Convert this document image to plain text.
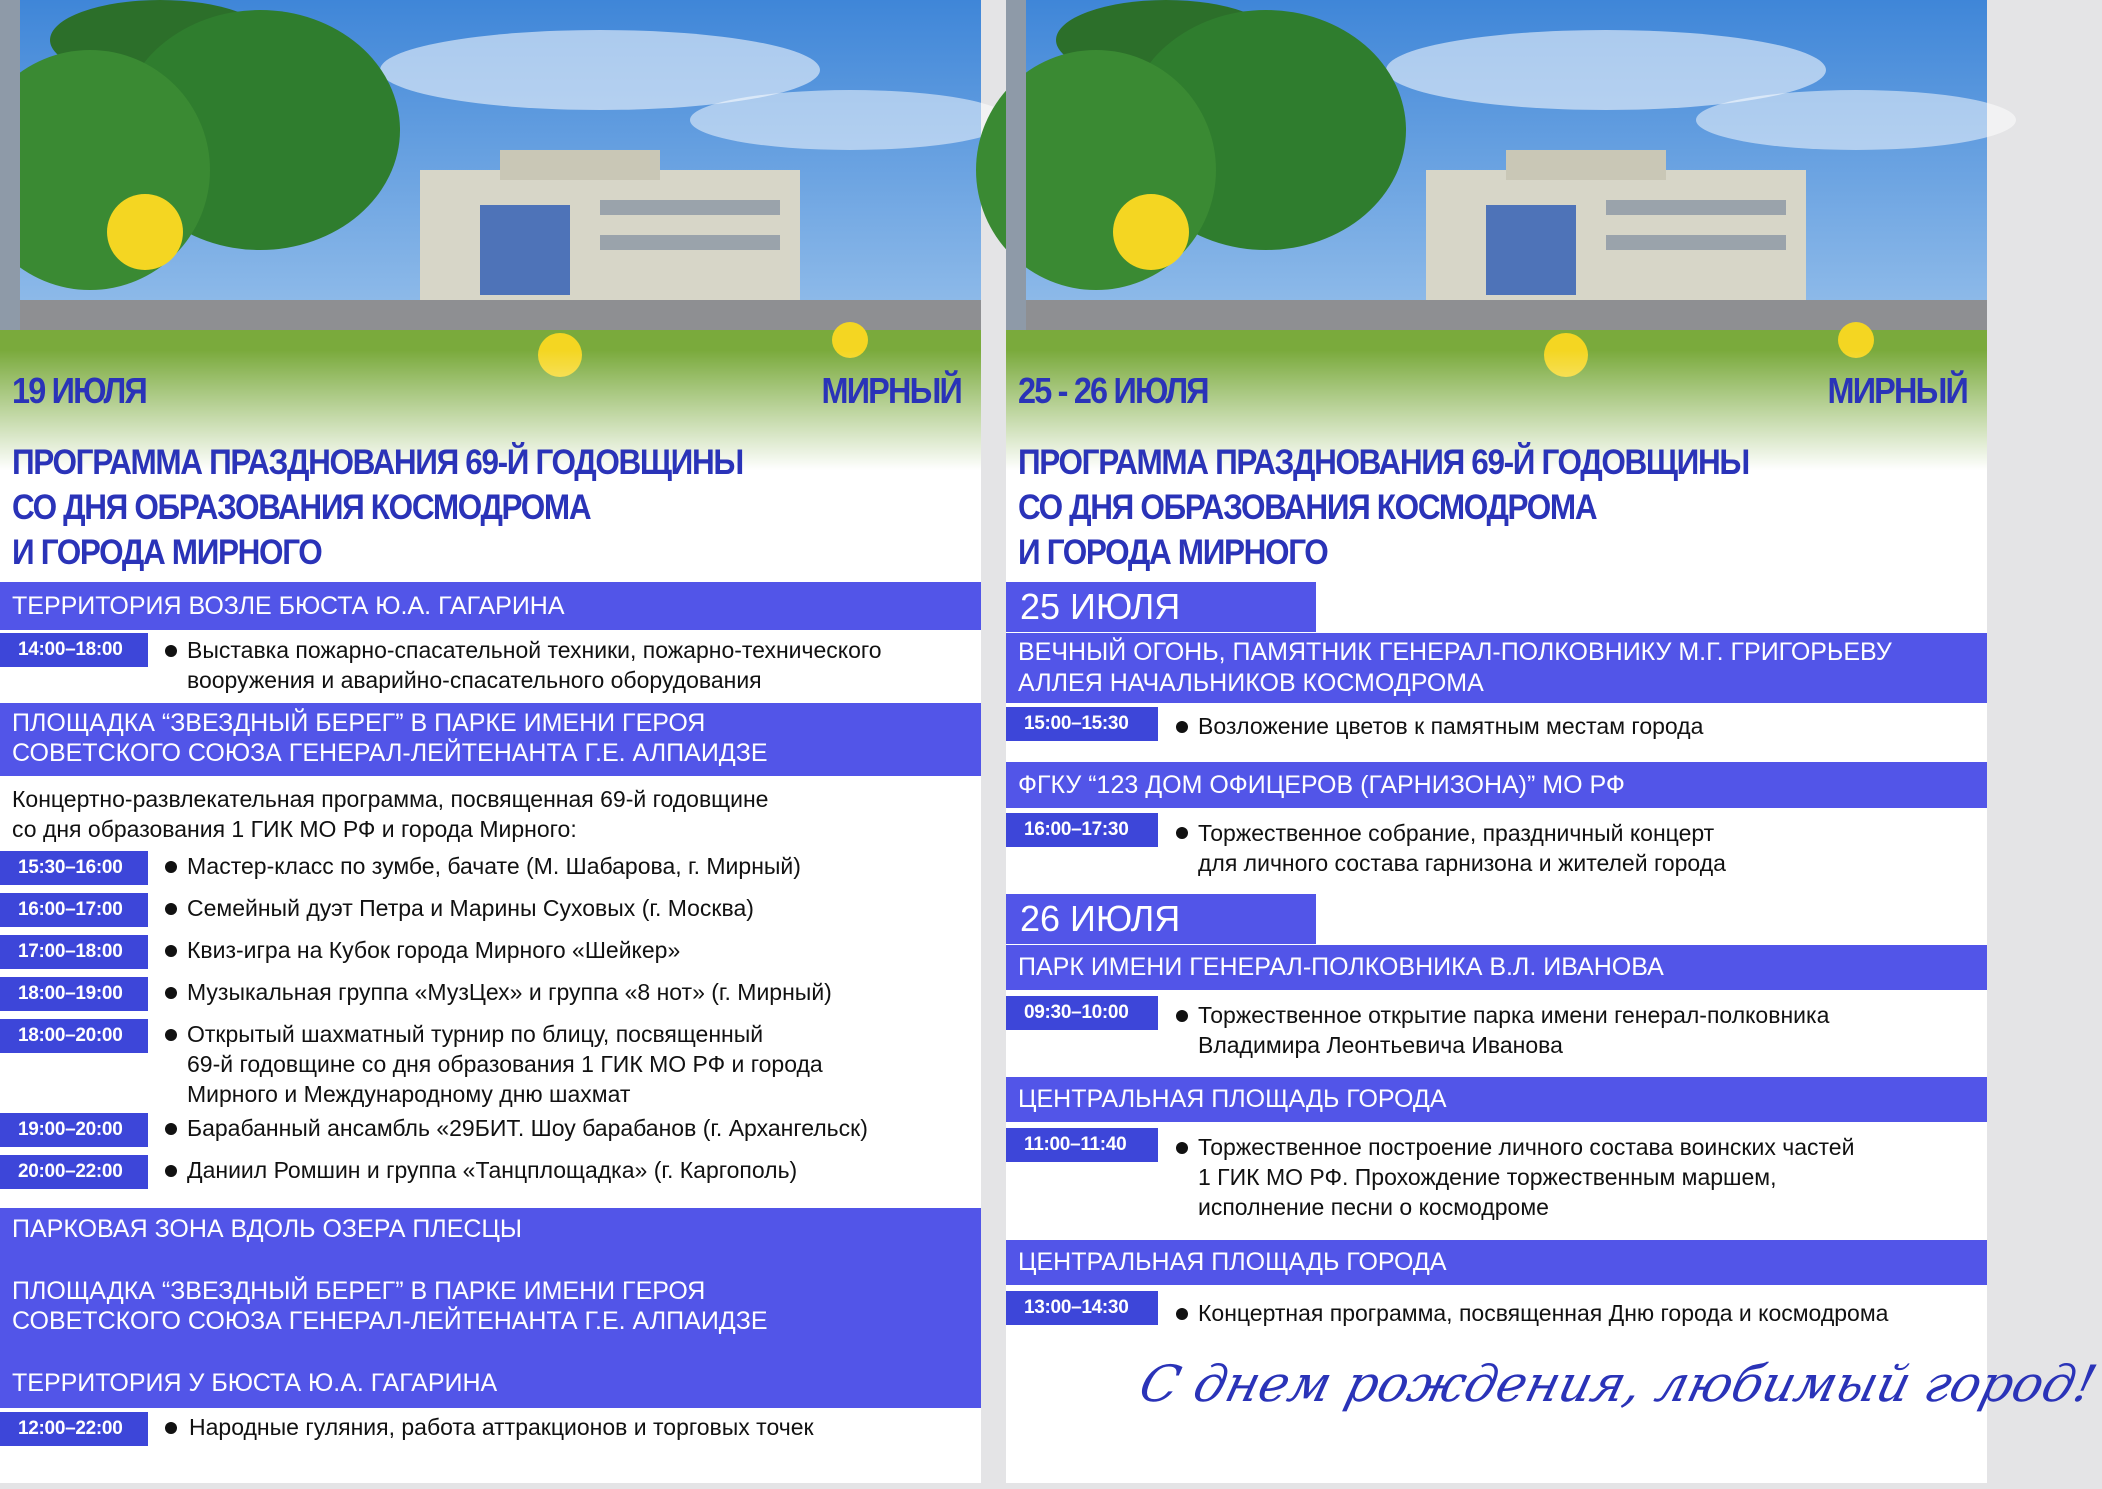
19 ИЮЛЯ	МИРНЫЙ
ПРОГРАММА ПРАЗДНОВАНИЯ 69-Й ГОДОВЩИНЫ
СО ДНЯ ОБРАЗОВАНИЯ КОСМОДРОМА
И ГОРОДА МИРНОГО
ТЕРРИТОРИЯ ВОЗЛЕ БЮСТА Ю.А. ГАГАРИНА
14:00–18:00	Выставка пожарно-спасательной техники, пожарно-технического
вооружения и аварийно-спасательного оборудования
ПЛОЩАДКА “ЗВЕЗДНЫЙ БЕРЕГ” В ПАРКЕ ИМЕНИ ГЕРОЯ
СОВЕТСКОГО СОЮЗА ГЕНЕРАЛ-ЛЕЙТЕНАНТА Г.Е. АЛПАИДЗЕ
Концертно-развлекательная программа, посвященная 69-й годовщине
со дня образования 1 ГИК МО РФ и города Мирного:
15:30–16:00	Мастер-класс по зумбе, бачате (М. Шабарова, г. Мирный)
16:00–17:00	Семейный дуэт Петра и Марины Суховых (г. Москва)
17:00–18:00	Квиз-игра на Кубок города Мирного «Шейкер»
18:00–19:00	Музыкальная группа «МузЦех» и группа «8 нот» (г. Мирный)
18:00–20:00	Открытый шахматный турнир по блицу, посвященный
69-й годовщине со дня образования 1 ГИК МО РФ и города
Мирного и Международному дню шахмат
19:00–20:00	Барабанный ансамбль «29БИТ. Шоу барабанов (г. Архангельск)
20:00–22:00	Даниил Ромшин и группа «Танцплощадка» (г. Каргополь)
ПАРКОВАЯ ЗОНА ВДОЛЬ ОЗЕРА ПЛЕСЦЫ
ПЛОЩАДКА “ЗВЕЗДНЫЙ БЕРЕГ” В ПАРКЕ ИМЕНИ ГЕРОЯ
СОВЕТСКОГО СОЮЗА ГЕНЕРАЛ-ЛЕЙТЕНАНТА Г.Е. АЛПАИДЗЕ
ТЕРРИТОРИЯ У БЮСТА Ю.А. ГАГАРИНА
12:00–22:00	Народные гуляния, работа аттракционов и торговых точек
25 - 26 ИЮЛЯ	МИРНЫЙ
ПРОГРАММА ПРАЗДНОВАНИЯ 69-Й ГОДОВЩИНЫ
СО ДНЯ ОБРАЗОВАНИЯ КОСМОДРОМА
И ГОРОДА МИРНОГО
25 ИЮЛЯ
ВЕЧНЫЙ ОГОНЬ, ПАМЯТНИК ГЕНЕРАЛ-ПОЛКОВНИКУ М.Г. ГРИГОРЬЕВУ
АЛЛЕЯ НАЧАЛЬНИКОВ КОСМОДРОМА
15:00–15:30	Возложение цветов к памятным местам города
ФГКУ “123 ДОМ ОФИЦЕРОВ (ГАРНИЗОНА)” МО РФ
16:00–17:30	Торжественное собрание, праздничный концерт
для личного состава гарнизона и жителей города
26 ИЮЛЯ
ПАРК ИМЕНИ ГЕНЕРАЛ-ПОЛКОВНИКА В.Л. ИВАНОВА
09:30–10:00	Торжественное открытие парка имени генерал-полковника
Владимира Леонтьевича Иванова
ЦЕНТРАЛЬНАЯ ПЛОЩАДЬ ГОРОДА
11:00–11:40	Торжественное построение личного состава воинских частей
1 ГИК МО РФ. Прохождение торжественным маршем,
исполнение песни о космодроме
ЦЕНТРАЛЬНАЯ ПЛОЩАДЬ ГОРОДА
13:00–14:30	Концертная программа, посвященная Дню города и космодрома
С днем рождения, любимый город!
